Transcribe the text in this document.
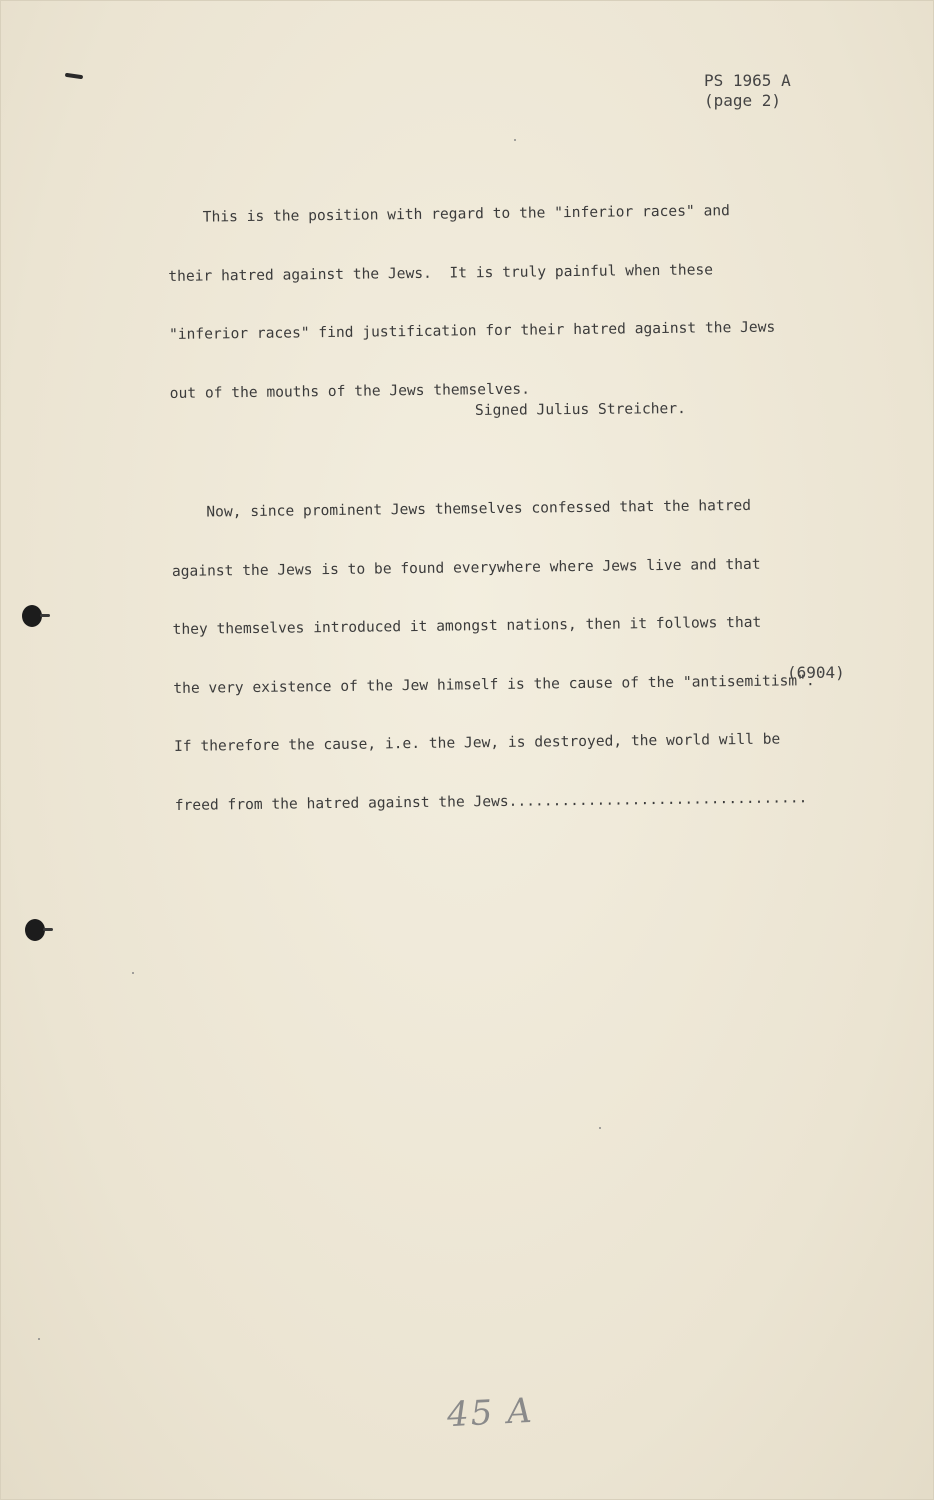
PS 1965 A
(page 2)

This is the position with regard to the "inferior races" and

their hatred against the Jews.  It is truly painful when these

"inferior races" find justification for their hatred against the Jews

out of the mouths of the Jews themselves.

Now, since prominent Jews themselves confessed that the hatred

against the Jews is to be found everywhere where Jews live and that

they themselves introduced it amongst nations, then it follows that

the very existence of the Jew himself is the cause of the "antisemitism".

If therefore the cause, i.e. the Jew, is destroyed, the world will be

freed from the hatred against the Jews..................................

Signed Julius Streicher.
(6904)
45 A
